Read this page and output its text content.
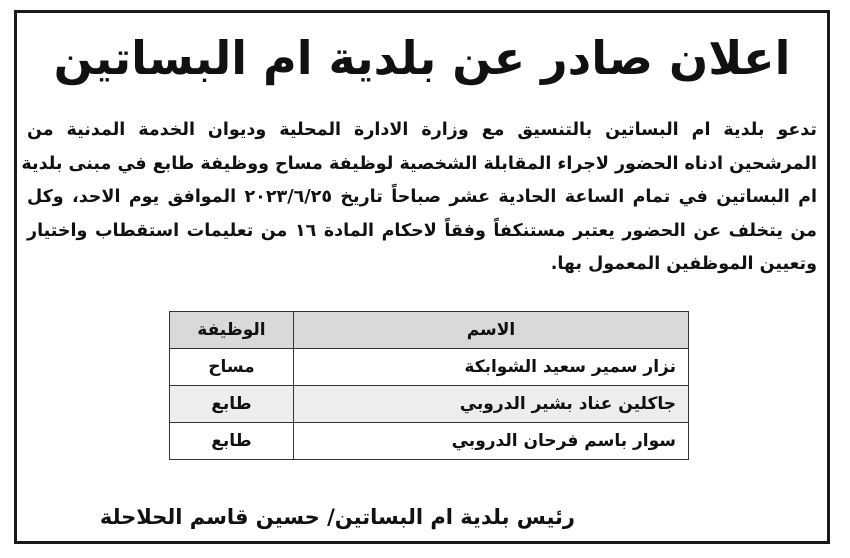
اعلان صادر عن بلدية ام البساتين
تدعو بلدية ام البساتين بالتنسيق مع وزارة الادارة المحلية وديوان الخدمة المدنية من
المرشحين ادناه الحضور لاجراء المقابلة الشخصية لوظيفة مساح ووظيفة طابع في مبنى بلدية
ام البساتين في تمام الساعة الحادية عشر صباحاً تاريخ ٢٠٢٣/٦/٢٥ الموافق يوم الاحد، وكل
من يتخلف عن الحضور يعتبر مستنكفاً وفقاً لاحكام المادة ١٦ من تعليمات استقطاب واختيار
وتعيين الموظفين المعمول بها.
الاسم	الوظيفة
نزار سمير سعيد الشوابكة	مساح
جاكلين عناد بشير الدروبي	طابع
سوار باسم فرحان الدروبي	طابع
رئيس بلدية ام البساتين/ حسين قاسم الحلاحلة
